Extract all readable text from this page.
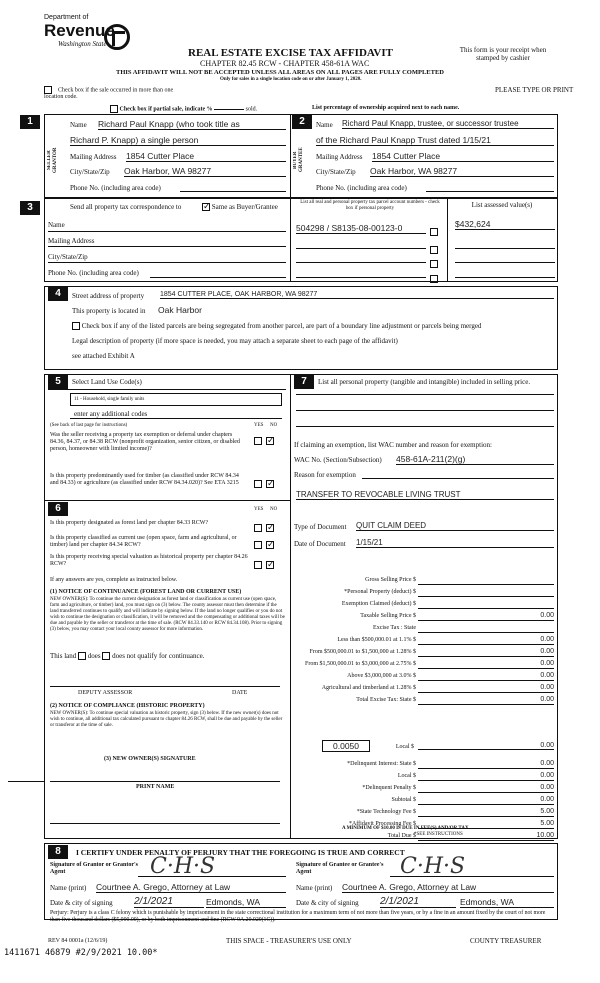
Department of
Revenue
Washington State
REAL ESTATE EXCISE TAX AFFIDAVIT
CHAPTER 82.45 RCW - CHAPTER 458-61A WAC
This form is your receipt when stamped by cashier
THIS AFFIDAVIT WILL NOT BE ACCEPTED UNLESS ALL AREAS ON ALL PAGES ARE FULLY COMPLETED
Only for sales in a single location code on or after January 1, 2020.
PLEASE TYPE OR PRINT
Check box if the sale occurred in more than one location code.
Check box if partial sale, indicate %	sold.	List percentage of ownership acquired next to each name.
1	2
SELLER GRANTOR
Name Richard Paul Knapp (who took title as
Richard P. Knapp) a single person
Mailing Address 1854 Cutter Place
City/State/Zip Oak Harbor, WA 98277
Phone No. (including area code)
BUYER GRANTEE
Name Richard Paul Knapp, trustee, or successor trustee
of the Richard Paul Knapp Trust dated 1/15/21
Mailing Address 1854 Cutter Place
City/State/Zip Oak Harbor, WA 98277
Phone No. (including area code)
3	Send all property tax correspondence to
✓	Same as Buyer/Grantee
Name
Mailing Address
City/State/Zip
Phone No. (including area code)
List all real and personal property tax parcel account numbers - check box if personal property	List assessed value(s)
504298 / S8135-08-00123-0	$432,624
4	Street address of property 1854 CUTTER PLACE, OAK HARBOR, WA 98277
This property is located in Oak Harbor
Check box if any of the listed parcels are being segregated from another parcel, are part of a boundary line adjustment or parcels being merged
Legal description of property (if more space is needed, you may attach a separate sheet to each page of the affidavit)
see attached Exhibit A
5	Select Land Use Code(s)
11 - Household, single family units
enter any additional codes
(See back of last page for instructions)	YES NO
Was the seller receiving a property tax exemption or deferral under chapters 84.36, 84.37, or 84.38 RCW (nonprofit organization, senior citizen, or disabled person, homeowner with limited income)?
✓
Is this property predominantly used for timber (as classified under RCW 84.34 and 84.33) or agriculture (as classified under RCW 84.34.020)? See ETA 3215
✓
6	YES NO
Is this property designated as forest land per chapter 84.33 RCW?
✓
Is this property classified as current use (open space, farm and agricultural, or timber) land per chapter 84.34 RCW?
✓
Is this property receiving special valuation as historical property per chapter 84.26 RCW?
✓
If any answers are yes, complete as instructed below.
(1) NOTICE OF CONTINUANCE (FOREST LAND OR CURRENT USE)
NEW OWNER(S): To continue the current designation as forest land or classification as current use (open space, farm and agriculture, or timber) land, you must sign on (3) below. The county assessor must then determine if the land transferred continues to qualify and will indicate by signing below. If the land no longer qualifies or you do not wish to continue the designation or classification, it will be removed and the compensating or additional taxes will be due and payable by the seller or transferor at the time of sale. (RCW 84.33.140 or RCW 84.34.108). Prior to signing (3) below, you may contact your local county assessor for more information.
This land does does not qualify for continuance.
DEPUTY ASSESSOR	DATE
(2) NOTICE OF COMPLIANCE (HISTORIC PROPERTY)
NEW OWNER(S): To continue special valuation as historic property, sign (3) below. If the new owner(s) does not wish to continue, all additional tax calculated pursuant to chapter 84.26 RCW, shall be due and payable by the seller or transferor at the time of sale.
(3) NEW OWNER(S) SIGNATURE
PRINT NAME
7	List all personal property (tangible and intangible) included in selling price.
If claiming an exemption, list WAC number and reason for exemption:
WAC No. (Section/Subsection) 458-61A-211(2)(g)
Reason for exemption
TRANSFER TO REVOCABLE LIVING TRUST
Type of Document QUIT CLAIM DEED
Date of Document 1/15/21
Gross Selling Price $
*Personal Property (deduct) $
Exemption Claimed (deduct) $
Taxable Selling Price $	0.00
Excise Tax : State
Less than $500,000.01 at 1.1% $	0.00
From $500,000.01 to $1,500,000 at 1.28% $	0.00
From $1,500,000.01 to $3,000,000 at 2.75% $	0.00
Above $3,000,000 at 3.0% $	0.00
Agricultural and timberland at 1.28% $	0.00
Total Excise Tax: State $	0.00
0.0050	Local $	0.00
*Delinquent Interest: State $	0.00
Local $	0.00
*Delinquent Penalty $	0.00
Subtotal $	0.00
*State Technology Fee $	5.00
*Affidavit Processing Fee $	5.00
Total Due $	10.00
A MINIMUM OF $10.00 IS DUE IN FEE(S) AND/OR TAX
*SEE INSTRUCTIONS
8	I CERTIFY UNDER PENALTY OF PERJURY THAT THE FOREGOING IS TRUE AND CORRECT
Signature of Grantor or Grantor's Agent	C·H·S	Signature of Grantee or Grantee's Agent	C·H·S
Name (print) Courtnee A. Grego, Attorney at Law	Name (print) Courtnee A. Grego, Attorney at Law
Date & city of signing 2/1/2021	Edmonds, WA	Date & city of signing 2/1/2021	Edmonds, WA
Perjury: Perjury is a class C felony which is punishable by imprisonment in the state correctional institution for a maximum term of not more than five years, or by a fine in an amount fixed by the court of not more than five thousand dollars ($5,000.00), or by both imprisonment and fine (RCW 9A.20.020(1C)).
REV 84 0001a (12/6/19)	THIS SPACE - TREASURER'S USE ONLY	COUNTY TREASURER
1411671 46879 #2/9/2021 10.00*
